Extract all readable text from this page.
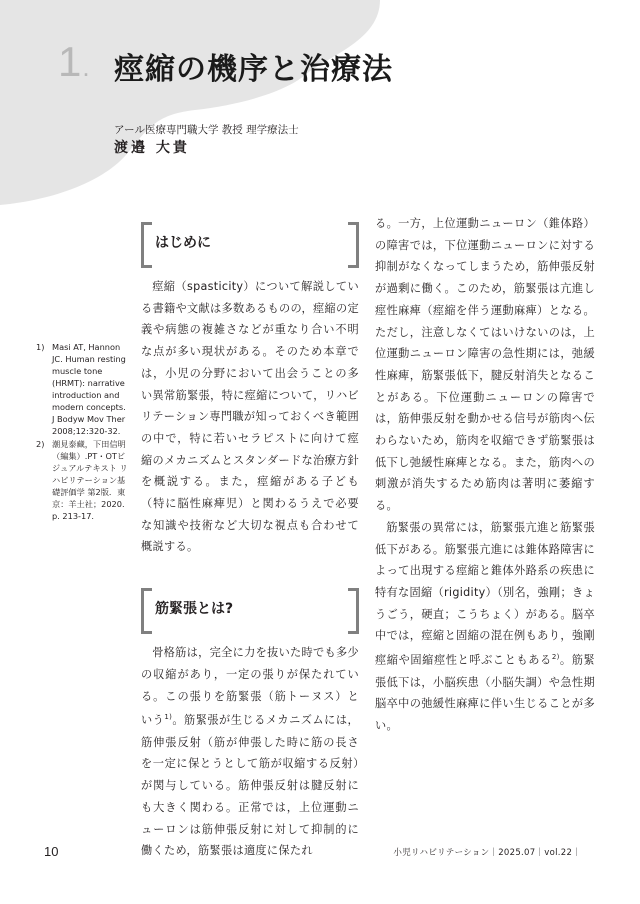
1. 痙縮の機序と治療法
アール医療専門職大学 教授 理学療法士
渡邉 大貴
1) Masi AT, Hannon JC. Human resting muscle tone (HRMT): narrative introduction and modern concepts. J Bodyw Mov Ther 2008;12:320-32.
2) 潮見泰藏，下田信明（編集）.PT・OTビジュアルテキスト リハビリテーション基礎評価学 第2版．東京：羊土社；2020. p. 213-17.
はじめに

痙縮（spasticity）について解説している書籍や文献は多数あるものの，痙縮の定義や病態の複雑さなどが重なり合い不明な点が多い現状がある。そのため本章では，小児の分野において出会うことの多い異常筋緊張，特に痙縮について，リハビリテーション専門職が知っておくべき範囲の中で，特に若いセラピストに向けて痙縮のメカニズムとスタンダードな治療方針を概説する。また，痙縮がある子ども（特に脳性麻痺児）と関わるうえで必要な知識や技術など大切な視点も合わせて概説する。

筋緊張とは?

骨格筋は，完全に力を抜いた時でも多少の収縮があり，一定の張りが保たれている。この張りを筋緊張（筋トーヌス）という$^{1)}$。筋緊張が生じるメカニズムには，筋伸張反射（筋が伸張した時に筋の長さを一定に保とうとして筋が収縮する反射）が関与している。筋伸張反射は腱反射にも大きく関わる。正常では，上位運動ニューロンは筋伸張反射に対して抑制的に働くため，筋緊張は適度に保たれ

る。一方，上位運動ニューロン（錐体路）の障害では，下位運動ニューロンに対する抑制がなくなってしまうため，筋伸張反射が過剰に働く。このため，筋緊張は亢進し痙性麻痺（痙縮を伴う運動麻痺）となる。ただし，注意しなくてはいけないのは，上位運動ニューロン障害の急性期には，弛緩性麻痺，筋緊張低下，腱反射消失となることがある。下位運動ニューロンの障害では，筋伸張反射を動かせる信号が筋肉へ伝わらないため，筋肉を収縮できず筋緊張は低下し弛緩性麻痺となる。また，筋肉への刺激が消失するため筋肉は著明に萎縮する。

筋緊張の異常には，筋緊張亢進と筋緊張低下がある。筋緊張亢進には錐体路障害によって出現する痙縮と錐体外路系の疾患に特有な固縮（rigidity）（別名，強剛；きょうごう，硬直；こうちょく）がある。脳卒中では，痙縮と固縮の混在例もあり，強剛痙縮や固縮痙性と呼ぶこともある$^{2)}$。筋緊張低下は，小脳疾患（小脳失調）や急性期脳卒中の弛緩性麻痺に伴い生じることが多い。

10	小児リハビリテーション｜2025.07｜vol.22｜
